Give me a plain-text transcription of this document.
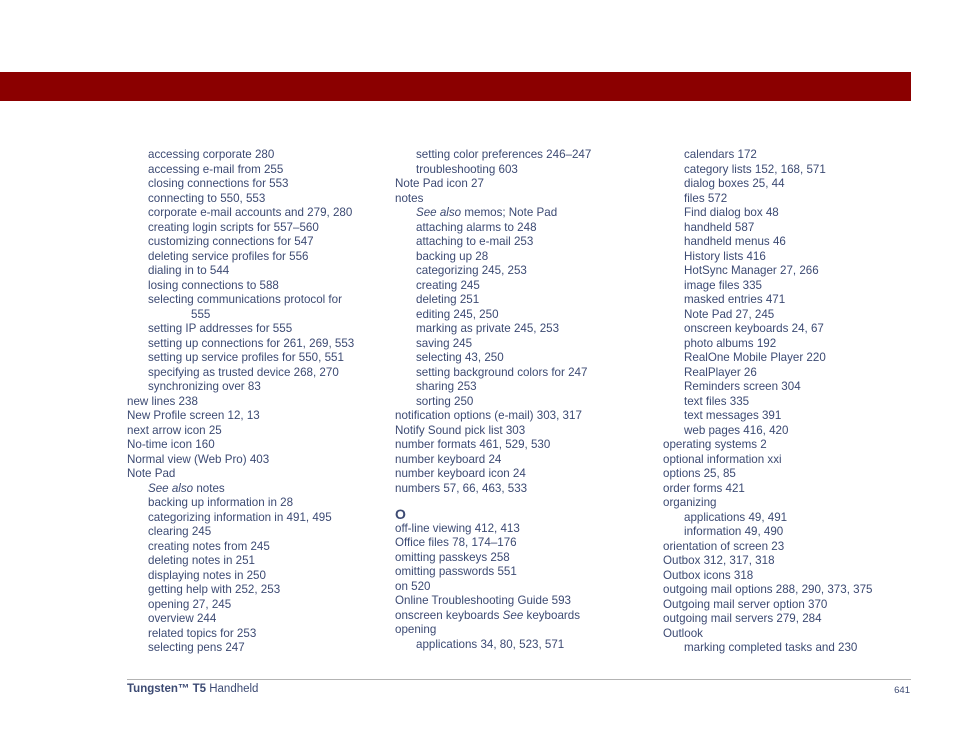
accessing corporate 280
accessing e-mail from 255
closing connections for 553
connecting to 550, 553
corporate e-mail accounts and 279, 280
creating login scripts for 557–560
customizing connections for 547
deleting service profiles for 556
dialing in to 544
losing connections to 588
selecting communications protocol for
555
setting IP addresses for 555
setting up connections for 261, 269, 553
setting up service profiles for 550, 551
specifying as trusted device 268, 270
synchronizing over 83
new lines 238
New Profile screen 12, 13
next arrow icon 25
No-time icon 160
Normal view (Web Pro) 403
Note Pad
See also notes
backing up information in 28
categorizing information in 491, 495
clearing 245
creating notes from 245
deleting notes in 251
displaying notes in 250
getting help with 252, 253
opening 27, 245
overview 244
related topics for 253
selecting pens 247
setting color preferences 246–247
troubleshooting 603
Note Pad icon 27
notes
See also memos; Note Pad
attaching alarms to 248
attaching to e-mail 253
backing up 28
categorizing 245, 253
creating 245
deleting 251
editing 245, 250
marking as private 245, 253
saving 245
selecting 43, 250
setting background colors for 247
sharing 253
sorting 250
notification options (e-mail) 303, 317
Notify Sound pick list 303
number formats 461, 529, 530
number keyboard 24
number keyboard icon 24
numbers 57, 66, 463, 533
O
off-line viewing 412, 413
Office files 78, 174–176
omitting passkeys 258
omitting passwords 551
on 520
Online Troubleshooting Guide 593
onscreen keyboards See keyboards
opening
applications 34, 80, 523, 571
calendars 172
category lists 152, 168, 571
dialog boxes 25, 44
files 572
Find dialog box 48
handheld 587
handheld menus 46
History lists 416
HotSync Manager 27, 266
image files 335
masked entries 471
Note Pad 27, 245
onscreen keyboards 24, 67
photo albums 192
RealOne Mobile Player 220
RealPlayer 26
Reminders screen 304
text files 335
text messages 391
web pages 416, 420
operating systems 2
optional information xxi
options 25, 85
order forms 421
organizing
applications 49, 491
information 49, 490
orientation of screen 23
Outbox 312, 317, 318
Outbox icons 318
outgoing mail options 288, 290, 373, 375
Outgoing mail server option 370
outgoing mail servers 279, 284
Outlook
marking completed tasks and 230
Tungsten™ T5 Handheld	641
